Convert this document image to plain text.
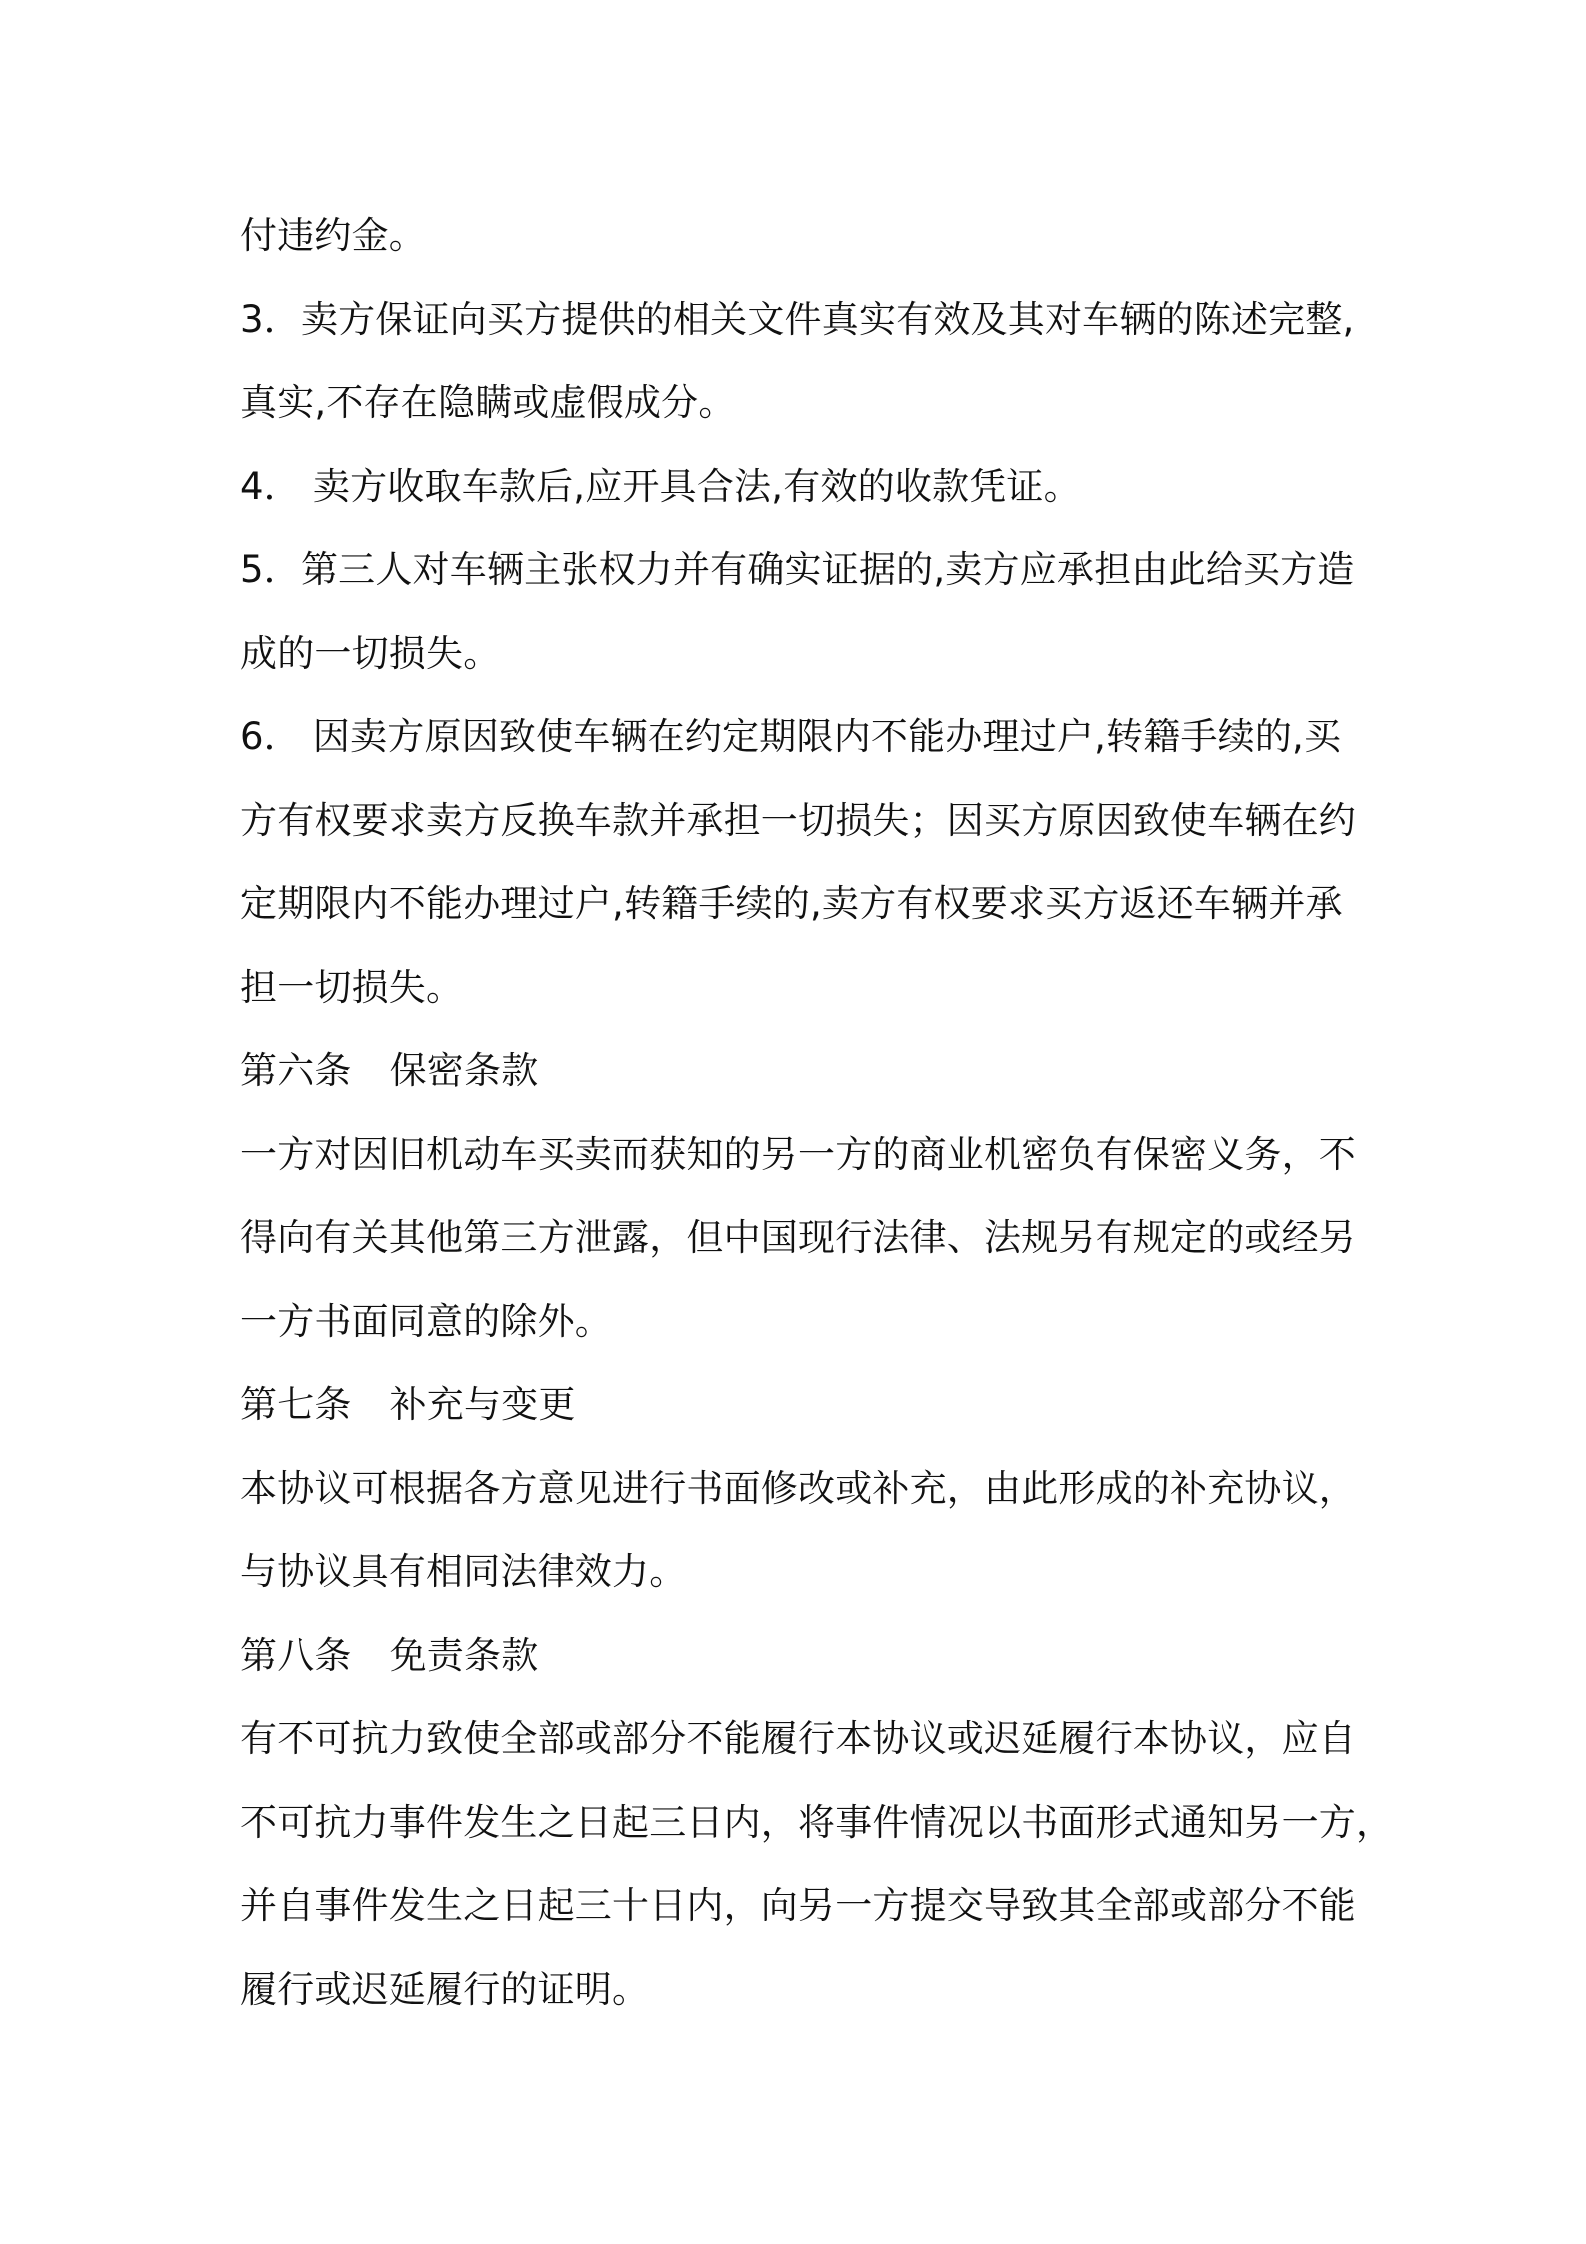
付违约金。
3．卖方保证向买方提供的相关文件真实有效及其对车辆的陈述完整,
真实,不存在隐瞒或虚假成分。
4． 卖方收取车款后,应开具合法,有效的收款凭证。
5．第三人对车辆主张权力并有确实证据的,卖方应承担由此给买方造
成的一切损失。
6． 因卖方原因致使车辆在约定期限内不能办理过户,转籍手续的,买
方有权要求卖方反换车款并承担一切损失；因买方原因致使车辆在约
定期限内不能办理过户,转籍手续的,卖方有权要求买方返还车辆并承
担一切损失。
第六条 保密条款
一方对因旧机动车买卖而获知的另一方的商业机密负有保密义务，不
得向有关其他第三方泄露，但中国现行法律、法规另有规定的或经另
一方书面同意的除外。
第七条 补充与变更
本协议可根据各方意见进行书面修改或补充，由此形成的补充协议，
与协议具有相同法律效力。
第八条 免责条款
有不可抗力致使全部或部分不能履行本协议或迟延履行本协议，应自
不可抗力事件发生之日起三日内，将事件情况以书面形式通知另一方，
并自事件发生之日起三十日内，向另一方提交导致其全部或部分不能
履行或迟延履行的证明。
